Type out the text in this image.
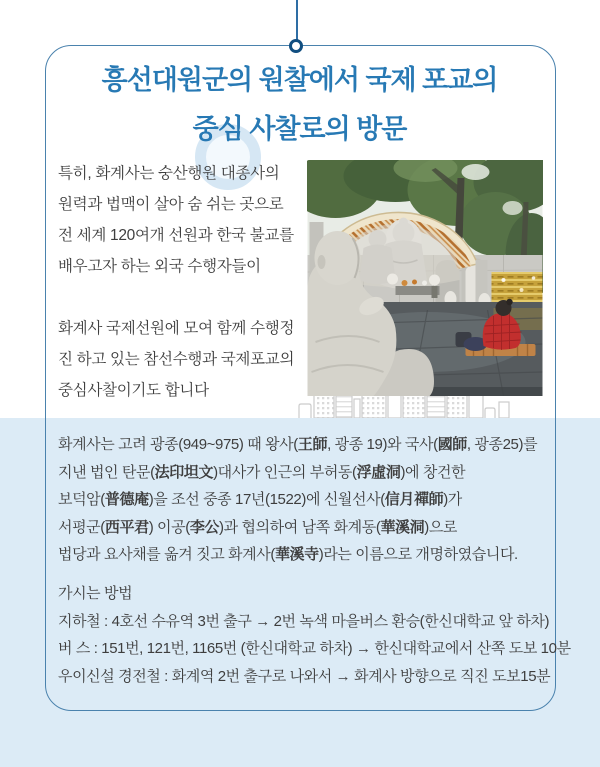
흥선대원군의 원찰에서 국제 포교의
중심 사찰로의 방문

특히, 화계사는 숭산행원 대종사의
원력과 법맥이 살아 숨 쉬는 곳으로
전 세계 120여개 선원과 한국 불교를
배우고자 하는 외국 수행자들이

화계사 국제선원에 모여 함께 수행정
진 하고 있는 참선수행과 국제포교의
중심사찰이기도 합니다

화계사는 고려 광종(949~975) 때 왕사(王師, 광종 19)와 국사(國師, 광종25)를
지낸 법인 탄문(法印坦文)대사가 인근의 부허동(浮虛洞)에 창건한
보덕암(普德庵)을 조선 중종 17년(1522)에 신월선사(信月禪師)가
서평군(西平君) 이공(李公)과 협의하여 남쪽 화계동(華溪洞)으로
법당과 요사채를 옮겨 짓고 화계사(華溪寺)라는 이름으로 개명하였습니다.

가시는 방법

지하철 : 4호선 수유역 3번 출구 → 2번 녹색 마을버스 환승(한신대학교 앞 하차)
버 스 : 151번, 121번, 1165번 (한신대학교 하차) → 한신대학교에서 산쪽 도보 10분
우이신설 경전철 : 화계역 2번 출구로 나와서 → 화계사 방향으로 직진 도보15분
